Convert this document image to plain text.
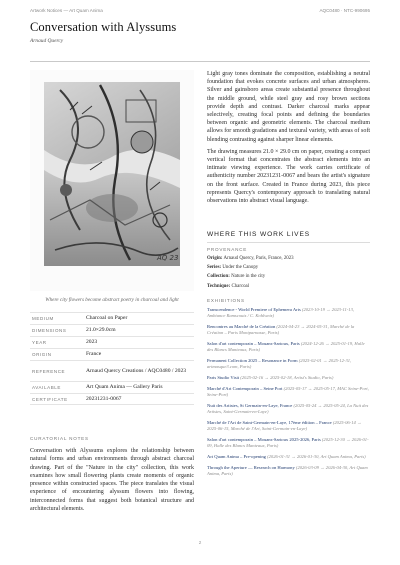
Artwork Notices — Art Quam Anima	AQC0480 · NTC-990695
Conversation with Alyssums
Arnaud Quercy
AQ 23
Where city flowers become abstract poetry in charcoal and light
MEDIUM	Charcoal on Paper
DIMENSIONS	21.0×29.0cm
YEAR	2023
ORIGIN	France
REFERENCE	Arnaud Quercy Creations / AQC0480 / 2023
AVAILABLE	Art Quam Anima — Gallery Paris
CERTIFICATE	20231231-0067
CURATORIAL NOTES

Conversation with Alyssums explores the relationship between natural forms and urban environments through abstract charcoal drawing. Part of the "Nature in the city" collection, this work examines how small flowering plants create moments of organic presence within constructed spaces. The piece translates the visual experience of encountering alyssum flowers into flowing, interconnected forms that suggest both botanical structure and architectural elements.

Light gray tones dominate the composition, establishing a neutral foundation that evokes concrete surfaces and urban atmospheres. Silver and gainsboro areas create substantial presence throughout the middle ground, while steel gray and rosy brown sections provide depth and contrast. Darker charcoal marks appear selectively, creating focal points and defining the boundaries between organic and geometric elements. The charcoal medium allows for smooth gradations and textural variety, with areas of soft blending contrasting against sharper linear elements.

The drawing measures 21.0 × 29.0 cm on paper, creating a compact vertical format that concentrates the abstract elements into an intimate viewing experience. The work carries certificate of authenticity number 20231231-0067 and bears the artist's signature on the front surface. Created in France during 2023, this piece represents Quercy's contemporary approach to translating natural observations into abstract visual language.

WHERE THIS WORK LIVES
PROVENANCE
Origin: Arnaud Quercy, Paris, France, 2023
Series: Under the Canopy
Collection: Nature in the city
Technique: Charcoal
EXHIBITIONS
Transcendence - World Premiere of Ephemera Arts (2023-10-19 → 2023-11-13, Ambiance Ramscouts / C. Kohlweiz)
Rencontres au Marché de la Création (2024-04-23 → 2024-05-31, Marché de la Création – Paris Montparnasse, Paris)
Salon d'art contemporain – Mouans-Sartoux, Paris (2024-12-26 → 2025-01-19, Halle des Blancs Manteaux, Paris)
Permanent Collection 2025 – Resonance in Form (2025-02-01 → 2025-12-31, artmasque3.com, Paris)
Paris Studio Visit (2025-02-16 → 2025-02-18, Artist's Studio, Paris)
Marché d'Art Contemporain – Seine Port (2025-05-17 → 2025-05-17, MAC Seine-Port, Seine-Port)
Nuit des Artistes, St Germain-en-Laye, France (2025-05-24 → 2025-05-24, La Nuit des Artistes, Saint-Germain-en-Laye)
Marché de l'Art de Saint-Germain-en-Laye, 17ème édition – France (2025-06-14 → 2025-06-15, Marché de l'Art, Saint-Germain-en-Laye)
Salon d'art contemporain – Mouans-Sartoux 2025-2026, Paris (2025-12-30 → 2026-01-09, Halle des Blancs Manteaux, Paris)
Art Quam Anima – Pre-opening (2026-01-31 → 2026-01-30, Art Quam Anima, Paris)
Through the Aperture — Research on Harmony (2026-03-09 → 2026-04-30, Art Quam Anima, Paris)
2
